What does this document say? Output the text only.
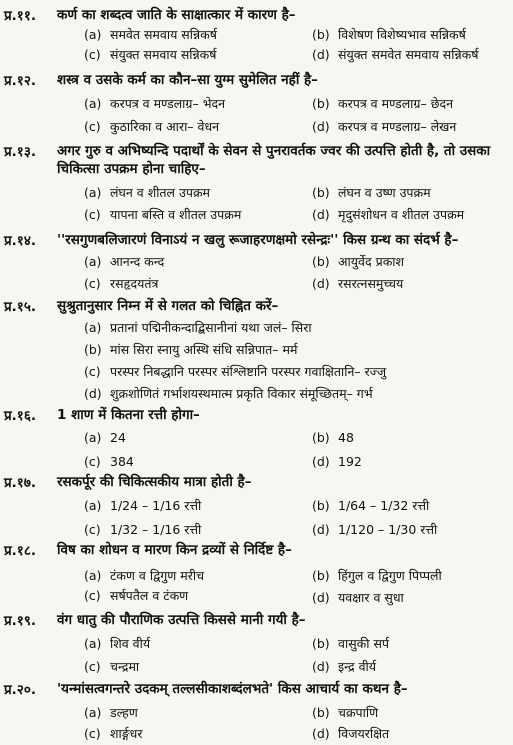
प्र.११. कर्ण का शब्दत्व जाति के साक्षात्कार में कारण है–
(a) समवेत समवाय सन्निकर्ष	(b) विशेषण विशेष्यभाव सन्निकर्ष
(c) संयुक्त समवाय सन्निकर्ष	(d) संयुक्त समवेत समवाय सन्निकर्ष
प्र.१२. शस्त्र व उसके कर्म का कौन–सा युग्म सुमेलित नहीं है–
(a) करपत्र व मण्डलाग्र– भेदन	(b) करपत्र व मण्डलाग्र– छेदन
(c) कुठारिका व आरा– वेधन	(d) करपत्र व मण्डलाग्र– लेखन
प्र.१३. अगर गुरु व अभिष्यन्दि पदार्थों के सेवन से पुनरावर्तक ज्वर की उत्पत्ति होती है, तो उसका चिकित्सा उपक्रम होना चाहिए–
(a) लंघन व शीतल उपक्रम	(b) लंघन व उष्ण उपक्रम
(c) यापना बस्ति व शीतल उपक्रम	(d) मृदुसंशोधन व शीतल उपक्रम
प्र.१४. ''रसगुणबलिजारणं विनाऽयं न खलु रूजाहरणक्षमो रसेन्द्रः'' किस ग्रन्थ का संदर्भ है–
(a) आनन्द कन्द	(b) आयुर्वेद प्रकाश
(c) रसहृदयतंत्र	(d) रसरत्नसमुच्चय
प्र.१५. सुश्रुतानुसार निम्न में से गलत को चिह्नित करें–
(a) प्रतानां पद्मिनीकन्दाद्बिसानीनां यथा जलं– सिरा
(b) मांस सिरा स्नायु अस्थि संधि सन्निपात– मर्म
(c) परस्पर निबद्धानि परस्पर संश्लिष्टानि परस्पर गवाक्षितानि– रज्जु
(d) शुक्रशोणितं गर्भाशयस्थमात्म प्रकृति विकार संमूच्छितम्– गर्भ
प्र.१६. 1 शाण में कितना रत्ती होगा–
(a) 24	(b) 48
(c) 384	(d) 192
प्र.१७. रसकर्पूर की चिकित्सकीय मात्रा होती है–
(a) 1/24 – 1/16 रत्ती	(b) 1/64 – 1/32 रत्ती
(c) 1/32 – 1/16 रत्ती	(d) 1/120 – 1/30 रत्ती
प्र.१८. विष का शोधन व मारण किन द्रव्यों से निर्दिष्ट है–
(a) टंकण व द्विगुण मरीच	(b) हिंगुल व द्विगुण पिप्पली
(c) सर्षपतैल व टंकण	(d) यवक्षार व सुधा
प्र.१९. वंग धातु की पौराणिक उत्पत्ति किससे मानी गयी है–
(a) शिव वीर्य	(b) वासुकी सर्प
(c) चन्द्रमा	(d) इन्द्र वीर्य
प्र.२०. 'यन्मांसत्वगन्तरे उदकम् तल्लसीकाशब्दंलभते' किस आचार्य का कथन है–
(a) डल्हण	(b) चक्रपाणि
(c) शार्ङ्गधर	(d) विजयरक्षित
